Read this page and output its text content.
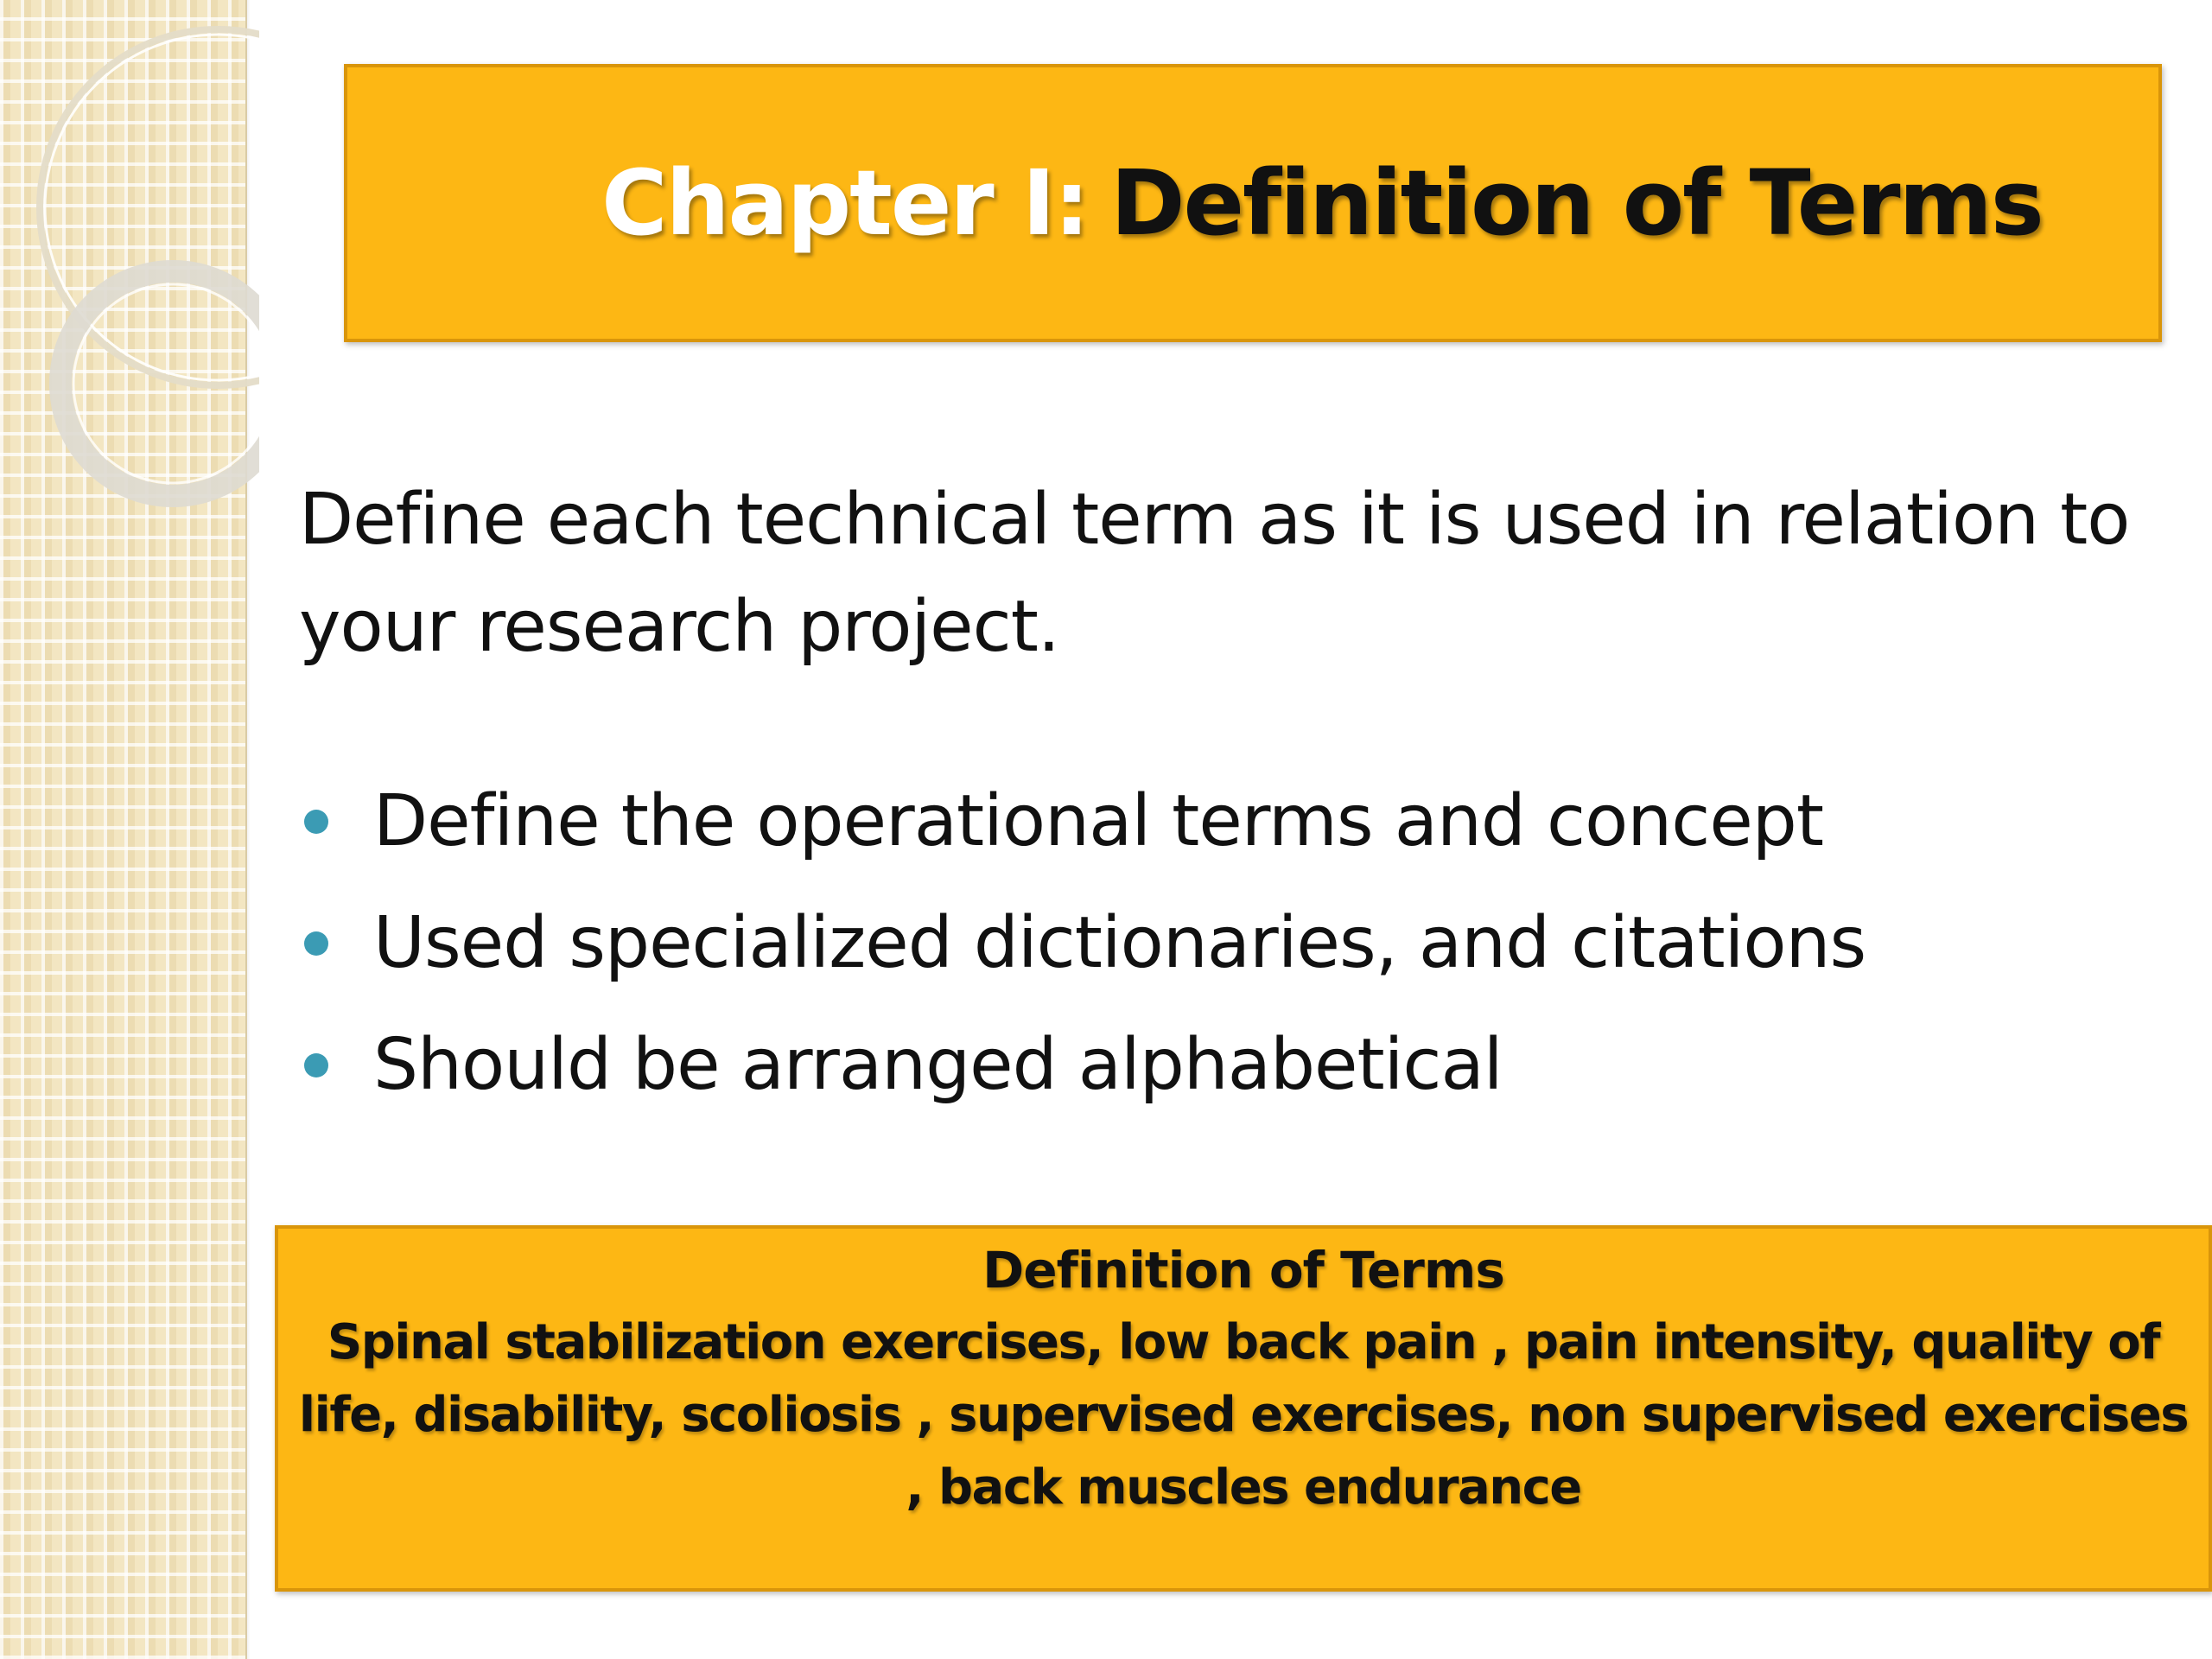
Chapter I: Definition of Terms
Define each technical term as it is used in relation to your research project.
Define the operational terms and concept
Used specialized dictionaries, and citations
Should be arranged alphabetical
Definition of Terms
Spinal stabilization exercises, low back pain , pain intensity, quality of life, disability, scoliosis , supervised exercises, non supervised exercises , back muscles endurance
